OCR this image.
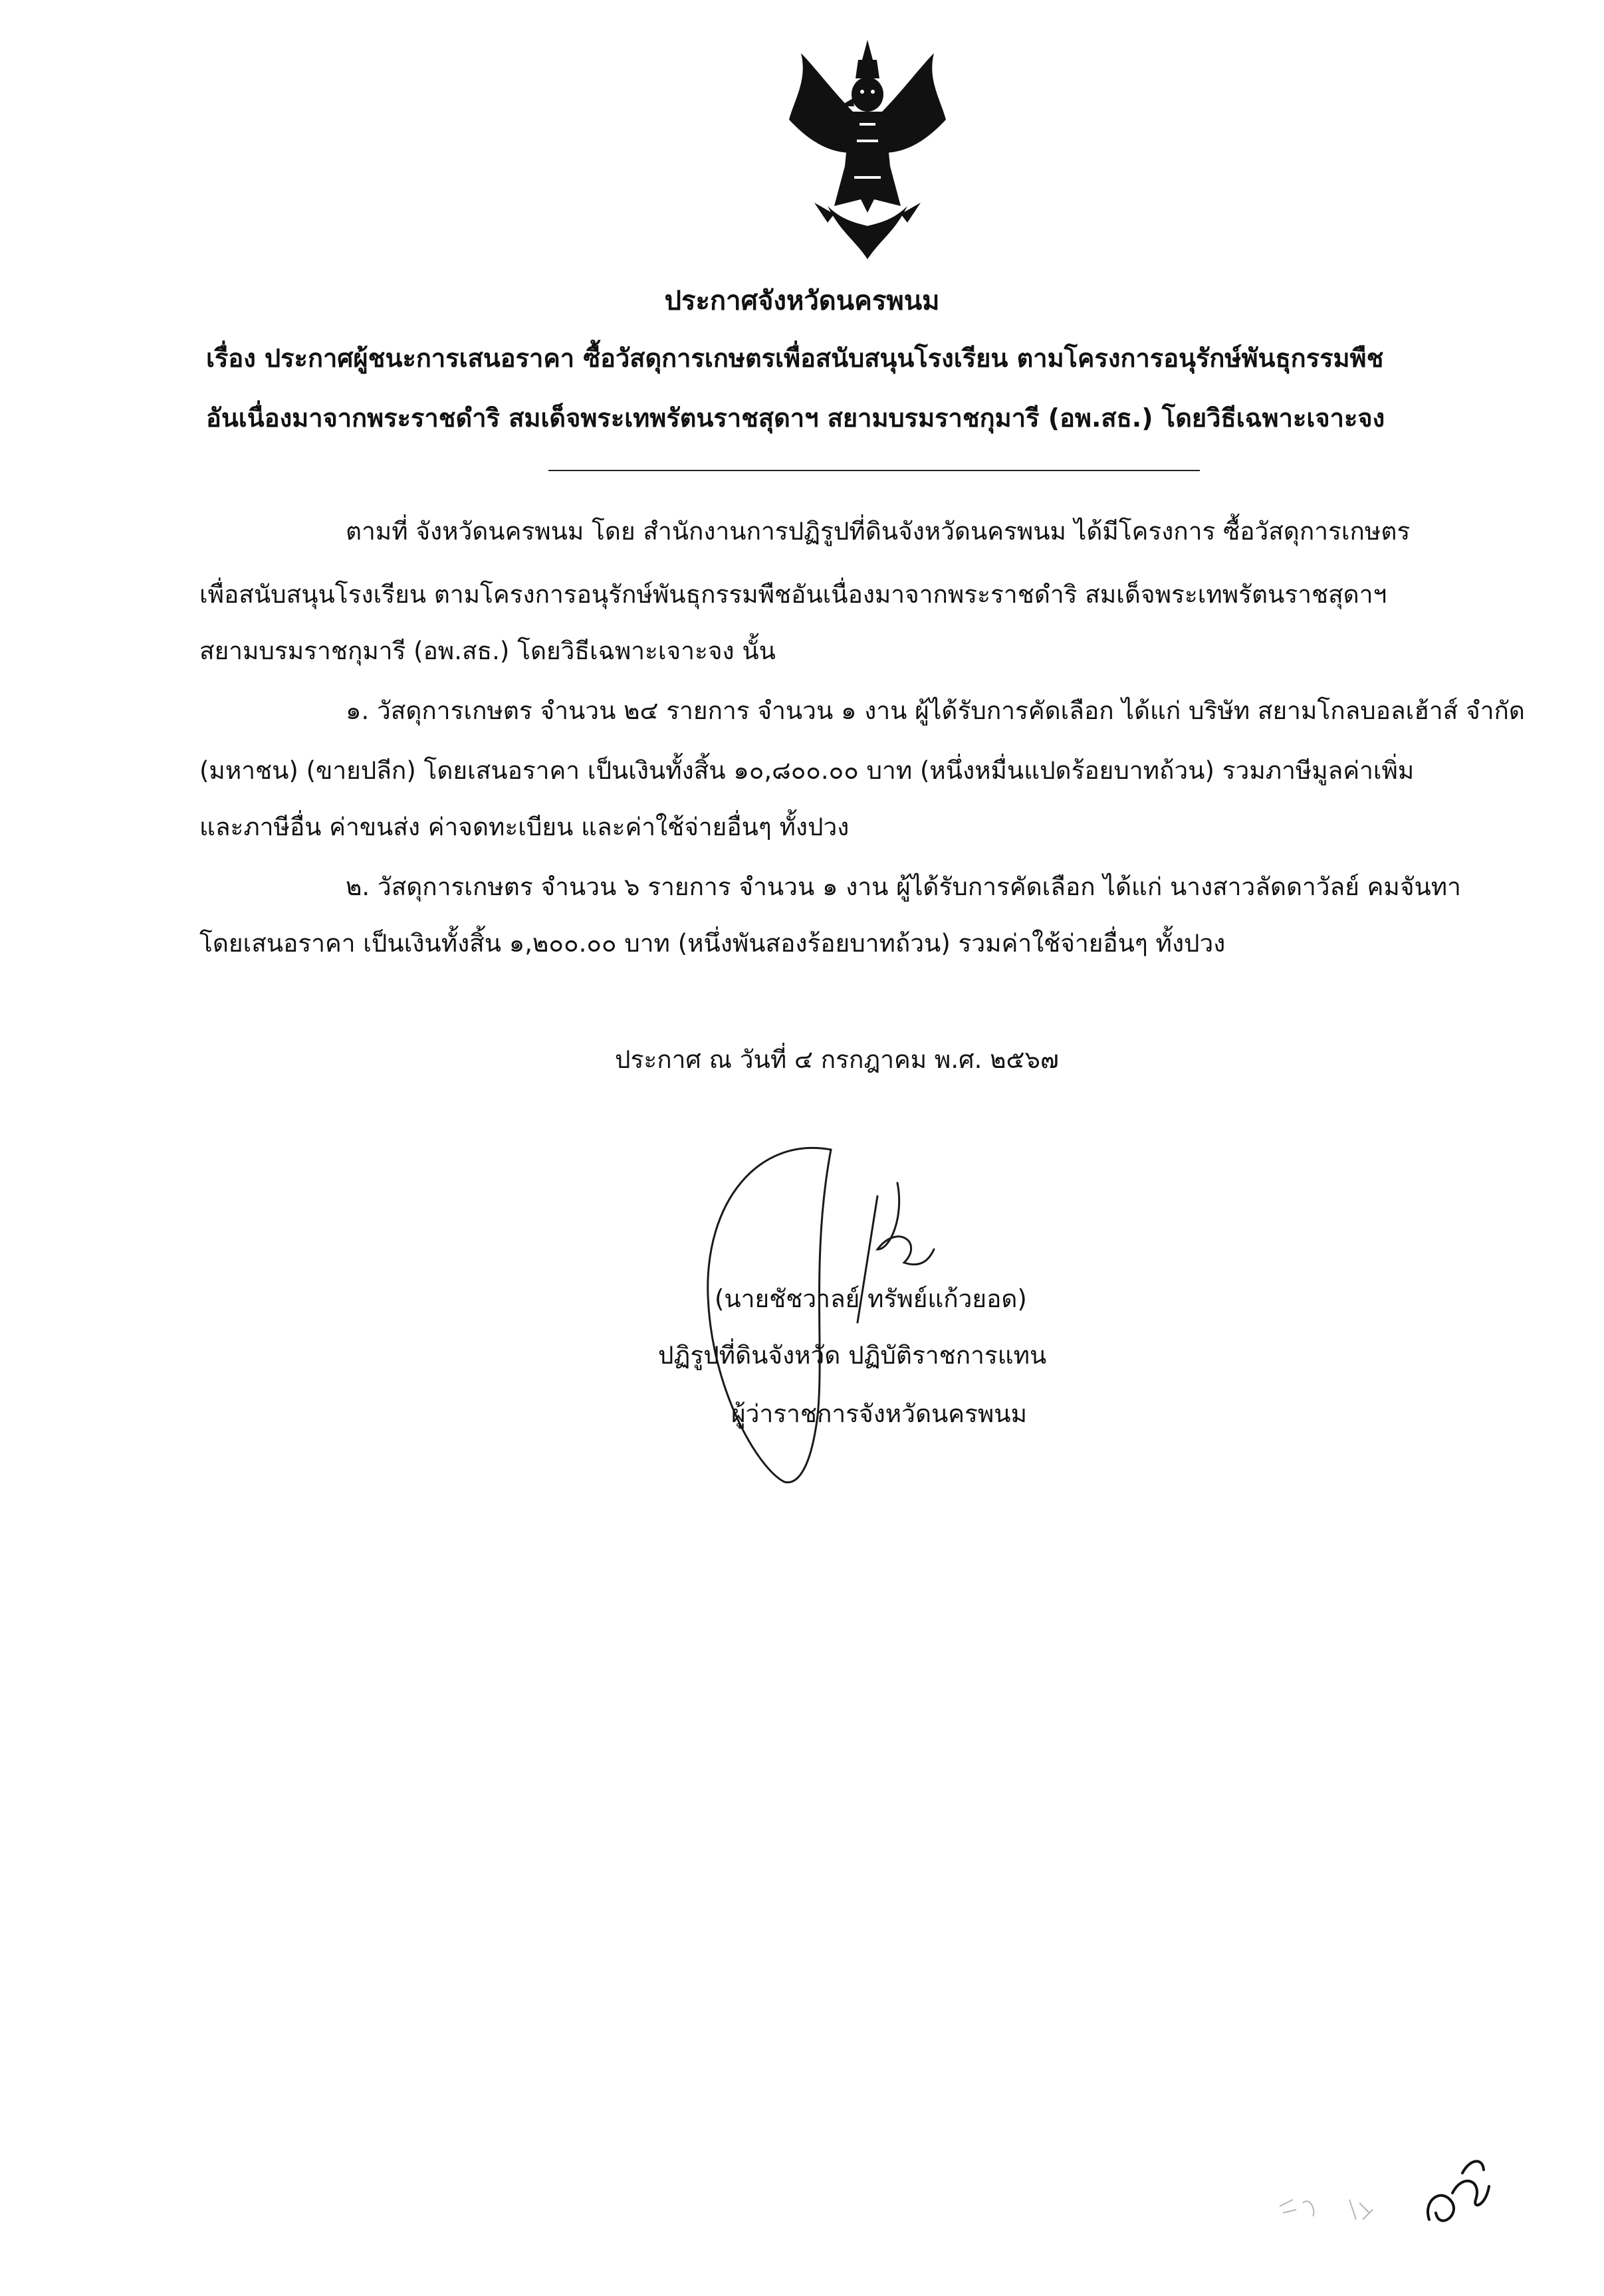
ประกาศจังหวัดนครพนม

เรื่อง ประกาศผู้ชนะการเสนอราคา ซื้อวัสดุการเกษตรเพื่อสนับสนุนโรงเรียน ตามโครงการอนุรักษ์พันธุกรรมพืช

อันเนื่องมาจากพระราชดำริ สมเด็จพระเทพรัตนราชสุดาฯ สยามบรมราชกุมารี (อพ.สธ.) โดยวิธีเฉพาะเจาะจง

ตามที่ จังหวัดนครพนม โดย สำนักงานการปฏิรูปที่ดินจังหวัดนครพนม ได้มีโครงการ ซื้อวัสดุการเกษตร

เพื่อสนับสนุนโรงเรียน ตามโครงการอนุรักษ์พันธุกรรมพืชอันเนื่องมาจากพระราชดำริ สมเด็จพระเทพรัตนราชสุดาฯ

สยามบรมราชกุมารี (อพ.สธ.) โดยวิธีเฉพาะเจาะจง นั้น

๑. วัสดุการเกษตร จำนวน ๒๔ รายการ จำนวน ๑ งาน ผู้ได้รับการคัดเลือก ได้แก่ บริษัท สยามโกลบอลเฮ้าส์ จำกัด

(มหาชน) (ขายปลีก) โดยเสนอราคา เป็นเงินทั้งสิ้น ๑๐,๘๐๐.๐๐ บาท (หนึ่งหมื่นแปดร้อยบาทถ้วน) รวมภาษีมูลค่าเพิ่ม

และภาษีอื่น ค่าขนส่ง ค่าจดทะเบียน และค่าใช้จ่ายอื่นๆ ทั้งปวง

๒. วัสดุการเกษตร จำนวน ๖ รายการ จำนวน ๑ งาน ผู้ได้รับการคัดเลือก ได้แก่ นางสาวลัดดาวัลย์ คมจันทา

โดยเสนอราคา เป็นเงินทั้งสิ้น ๑,๒๐๐.๐๐ บาท (หนึ่งพันสองร้อยบาทถ้วน) รวมค่าใช้จ่ายอื่นๆ ทั้งปวง

ประกาศ ณ วันที่ ๔ กรกฎาคม พ.ศ. ๒๕๖๗

(นายชัชวาลย์ ทรัพย์แก้วยอด)

ปฏิรูปที่ดินจังหวัด ปฏิบัติราชการแทน

ผู้ว่าราชการจังหวัดนครพนม
